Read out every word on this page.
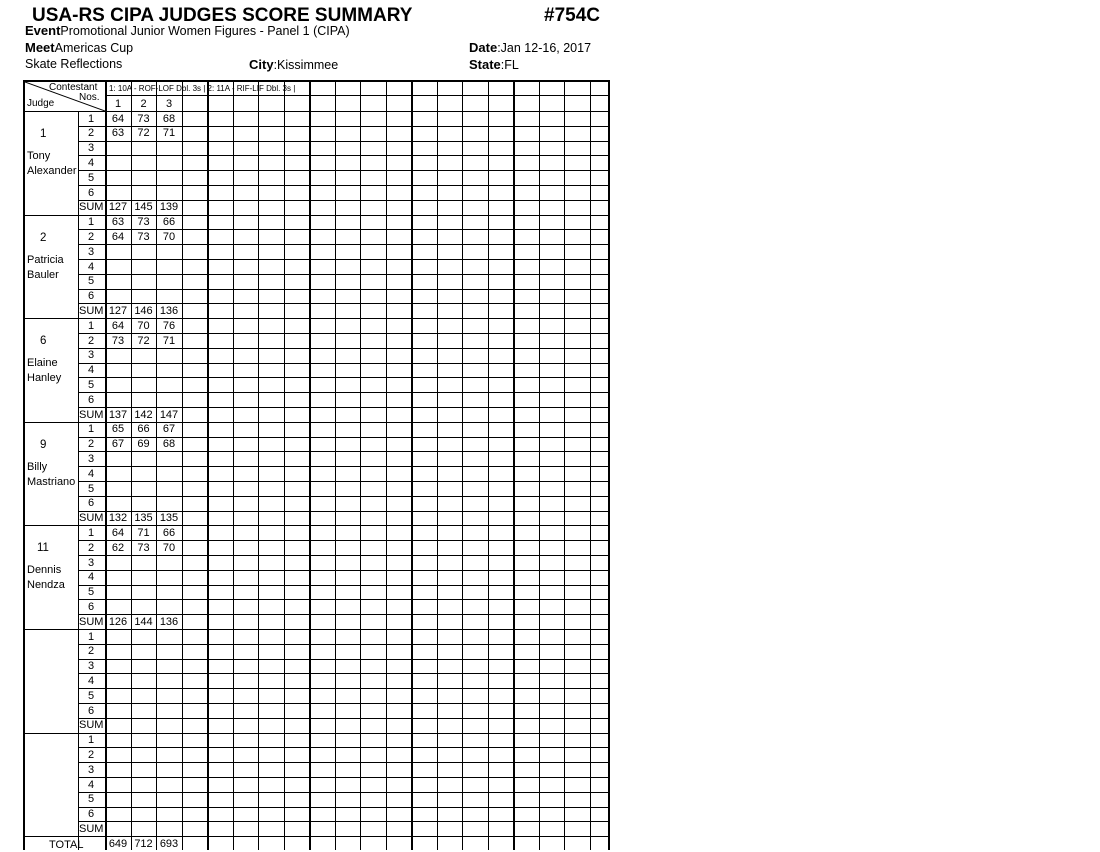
USA-RS CIPA JUDGES SCORE SUMMARY	#754C
EventPromotional Junior Women Figures - Panel 1 (CIPA)
MeetAmericas Cup	Date:Jan 12-16, 2017
Skate Reflections	City:Kissimmee	State:FL
Contestant
Nos.
Judge
1: 10A - ROF-LOF Dbl. 3s | 2: 11A - RIF-LIF Dbl. 3s |
1	2	3
1
Tony
Alexander
1	64	73	68
2	63	72	71
3
4
5
6
SUM 127 145 139
2
Patricia
Bauler
1	63	73	66
2	64	73	70
3
4
5
6
SUM 127 146 136
6
Elaine
Hanley
1	64	70	76
2	73	72	71
3
4
5
6
SUM 137 142 147
9
Billy
Mastriano
1	65	66	67
2	67	69	68
3
4
5
6
SUM 132 135 135
11
Dennis
Nendza
1	64	71	66
2	62	73	70
3
4
5
6
SUM 126 144 136
1
2
3
4
5
6
SUM
1
2
3
4
5
6
SUM
TOTAL	649 712 693
